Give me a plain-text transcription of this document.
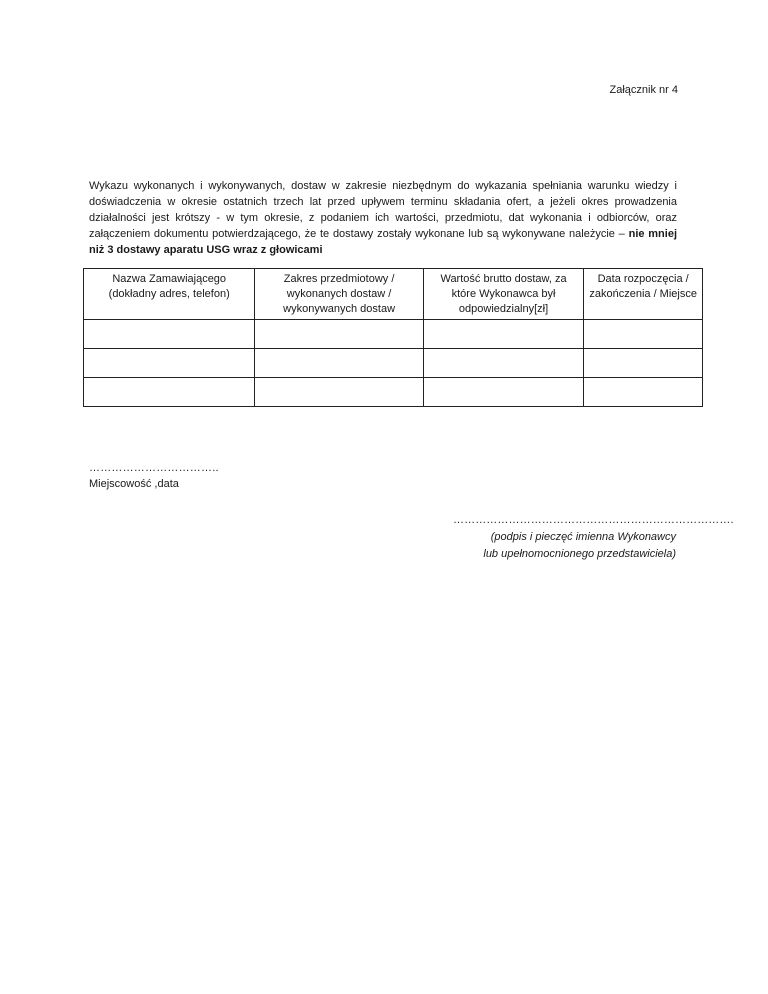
Załącznik nr 4
Wykazu wykonanych i wykonywanych, dostaw w zakresie niezbędnym do wykazania spełniania warunku wiedzy i doświadczenia w okresie ostatnich trzech lat przed upływem terminu składania ofert, a jeżeli okres prowadzenia działalności jest krótszy - w tym okresie, z podaniem ich wartości, przedmiotu, dat wykonania i odbiorców, oraz załączeniem dokumentu potwierdzającego, że te dostawy zostały wykonane lub są wykonywane należycie – nie mniej niż 3 dostawy aparatu USG wraz z głowicami
Nazwa Zamawiającego (dokładny adres, telefon)	Zakres przedmiotowy / wykonanych dostaw / wykonywanych dostaw	Wartość brutto dostaw, za które Wykonawca był odpowiedzialny[zł]	Data rozpoczęcia / zakończenia / Miejsce

……………………………..
Miejscowość ,data
………………………………………………………………….
(podpis i pieczęć imienna Wykonawcy
lub upełnomocnionego przedstawiciela)
